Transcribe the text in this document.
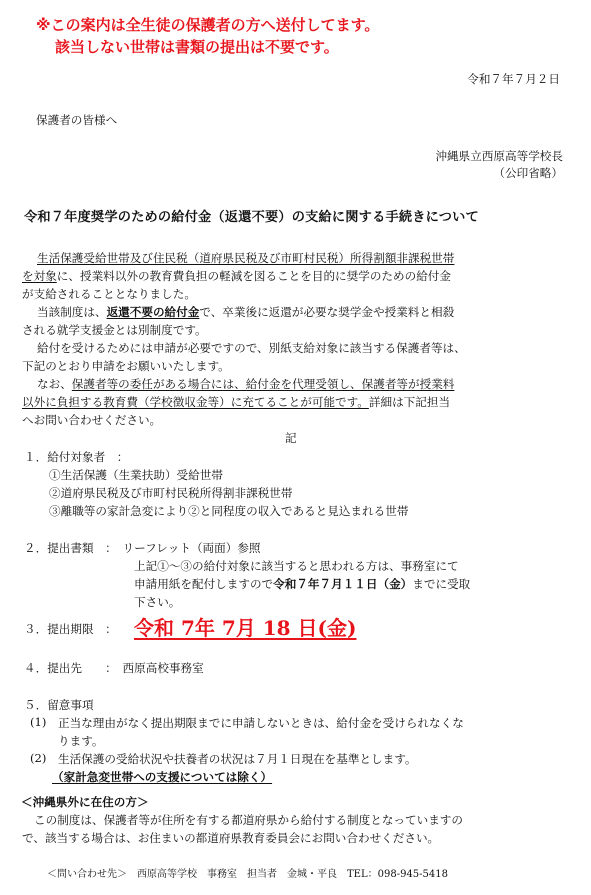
※この案内は全生徒の保護者の方へ送付してます。
該当しない世帯は書類の提出は不要です。
令和７年７月２日
保護者の皆様へ
沖縄県立西原高等学校長
（公印省略）
令和７年度奨学のための給付金（返還不要）の支給に関する手続きについて
生活保護受給世帯及び住民税（道府県民税及び市町村民税）所得割額非課税世帯
を対象に、授業料以外の教育費負担の軽減を図ることを目的に奨学のための給付金
が支給されることとなりました。
当該制度は、返還不要の給付金で、卒業後に返還が必要な奨学金や授業料と相殺
される就学支援金とは別制度です。
給付を受けるためには申請が必要ですので、別紙支給対象に該当する保護者等は、
下記のとおり申請をお願いいたします。
なお、保護者等の委任がある場合には、給付金を代理受領し、保護者等が授業料
以外に負担する教育費（学校徴収金等）に充てることが可能です。詳細は下記担当
へお問い合わせください。
記
１．給付対象者　：
①生活保護（生業扶助）受給世帯
②道府県民税及び市町村民税所得割非課税世帯
③離職等の家計急変により②と同程度の収入であると見込まれる世帯
２．提出書類　：　リーフレット（両面）参照
上記①～③の給付対象に該当すると思われる方は、事務室にて
申請用紙を配付しますので令和７年７月１１日（金）までに受取
下さい。
３．提出期限　： 令和 7年 7月 18 日(金)
４．提出先　　：　西原高校事務室
５．留意事項
(1) 正当な理由がなく提出期限までに申請しないときは、給付金を受けられなくな
ります。
(2) 生活保護の受給状況や扶養者の状況は７月１日現在を基準とします。
（家計急変世帯への支援については除く）
＜沖縄県外に在住の方＞
この制度は、保護者等が住所を有する都道府県から給付する制度となっていますの
で、該当する場合は、お住まいの都道府県教育委員会にお問い合わせください。
＜問い合わせ先＞　西原高等学校　事務室　担当者　金城・平良　TEL：098-945-5418
